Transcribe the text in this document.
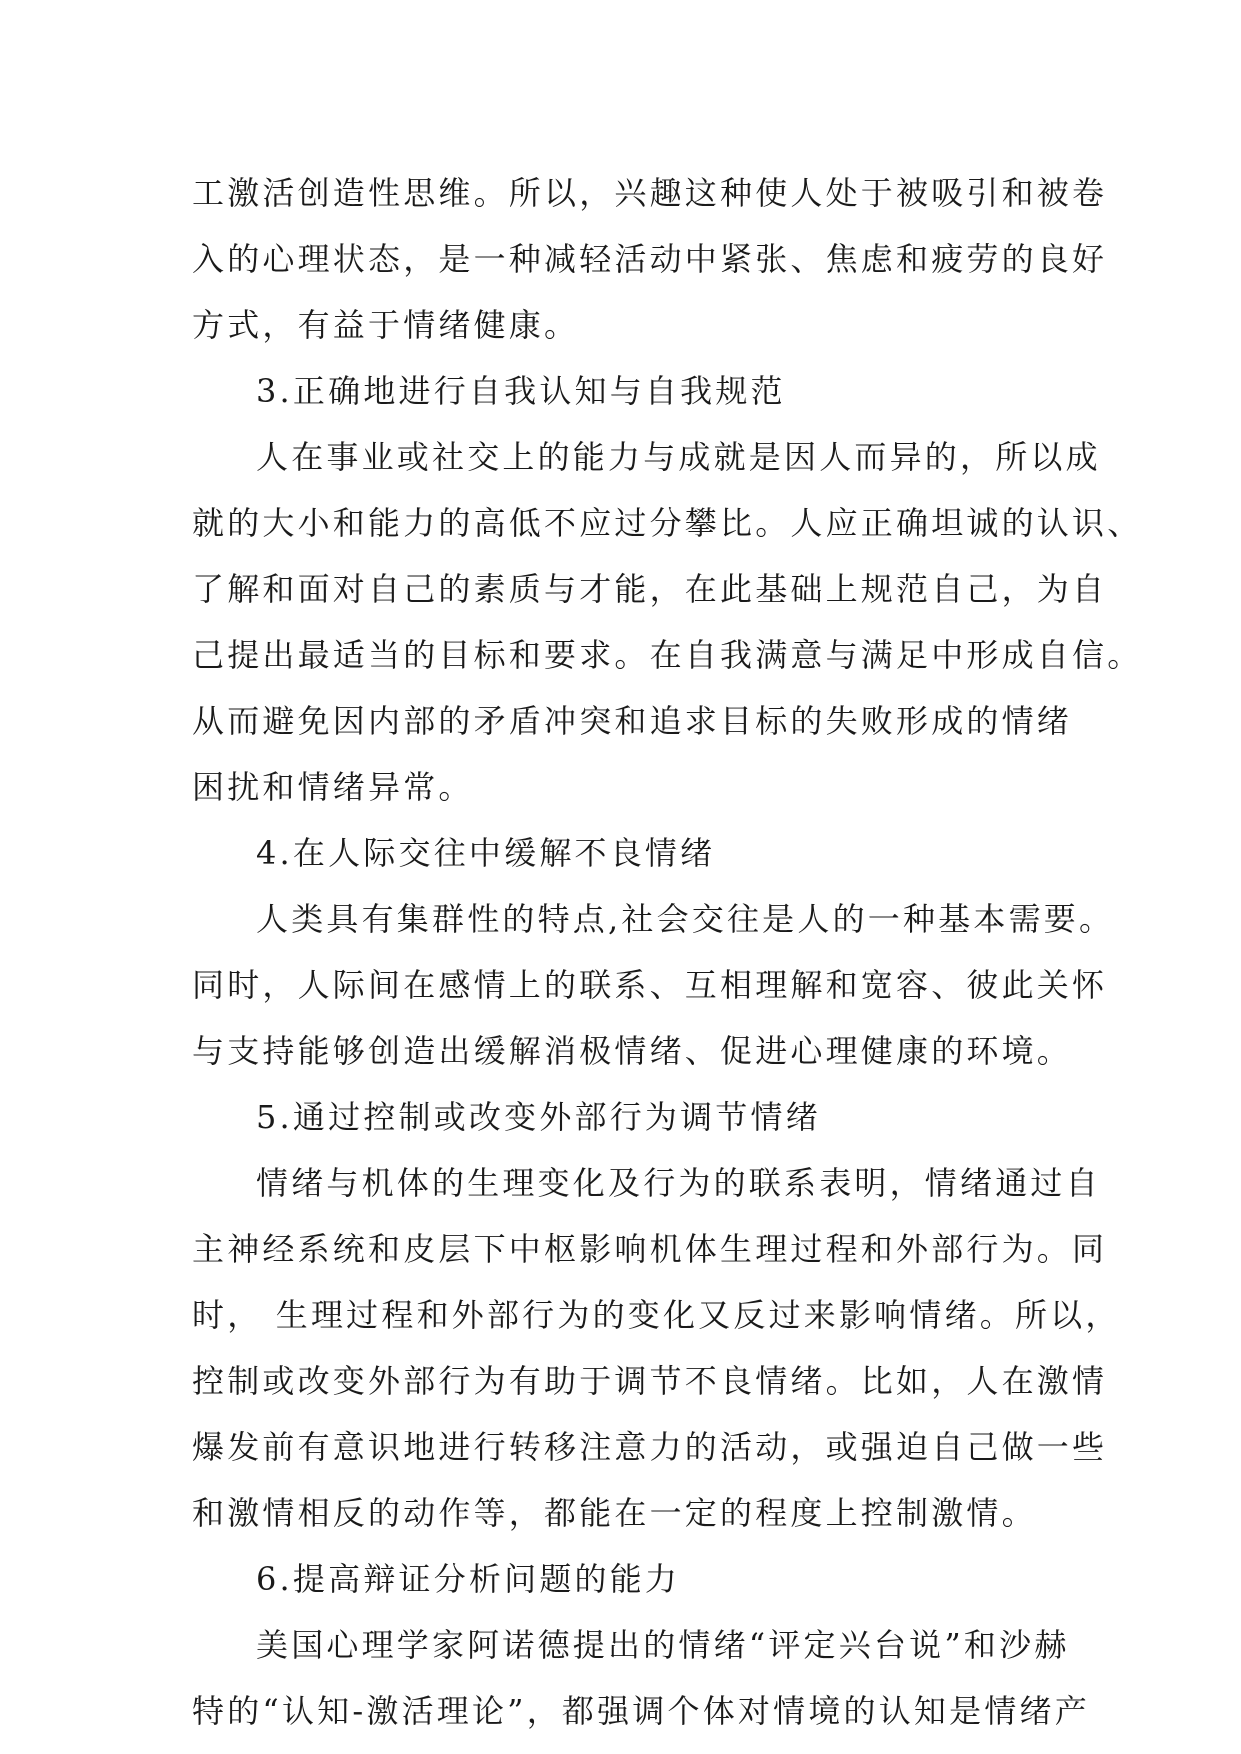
工激活创造性思维。所以，兴趣这种使人处于被吸引和被卷
入的心理状态，是一种减轻活动中紧张、焦虑和疲劳的良好
方式，有益于情绪健康。
3.正确地进行自我认知与自我规范
人在事业或社交上的能力与成就是因人而异的，所以成
就的大小和能力的高低不应过分攀比。人应正确坦诚的认识、
了解和面对自己的素质与才能，在此基础上规范自己，为自
己提出最适当的目标和要求。在自我满意与满足中形成自信。
从而避免因内部的矛盾冲突和追求目标的失败形成的情绪
困扰和情绪异常。
4.在人际交往中缓解不良情绪
人类具有集群性的特点,社会交往是人的一种基本需要。
同时，人际间在感情上的联系、互相理解和宽容、彼此关怀
与支持能够创造出缓解消极情绪、促进心理健康的环境。
5.通过控制或改变外部行为调节情绪
情绪与机体的生理变化及行为的联系表明，情绪通过自
主神经系统和皮层下中枢影响机体生理过程和外部行为。同
时， 生理过程和外部行为的变化又反过来影响情绪。所以，
控制或改变外部行为有助于调节不良情绪。比如，人在激情
爆发前有意识地进行转移注意力的活动，或强迫自己做一些
和激情相反的动作等，都能在一定的程度上控制激情。
6.提高辩证分析问题的能力
美国心理学家阿诺德提出的情绪“评定兴台说”和沙赫
特的“认知-激活理论”，都强调个体对情境的认知是情绪产
